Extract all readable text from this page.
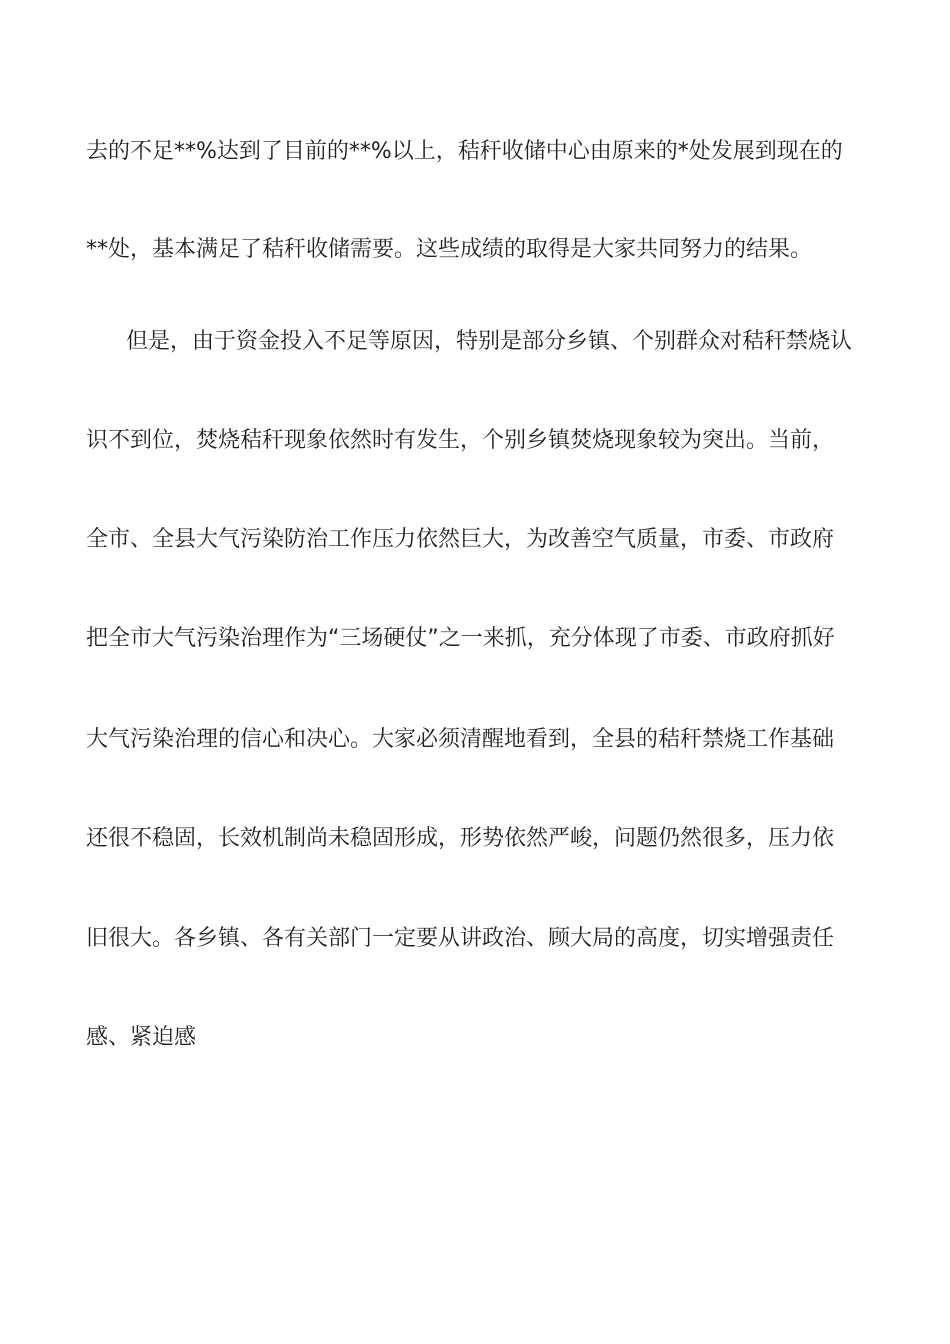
去的不足**%达到了目前的**%以上，秸秆收储中心由原来的*处发展到现在的
**处，基本满足了秸秆收储需要。这些成绩的取得是大家共同努力的结果。
但是，由于资金投入不足等原因，特别是部分乡镇、个别群众对秸秆禁烧认
识不到位，焚烧秸秆现象依然时有发生，个别乡镇焚烧现象较为突出。当前，
全市、全县大气污染防治工作压力依然巨大，为改善空气质量，市委、市政府
把全市大气污染治理作为“三场硬仗”之一来抓，充分体现了市委、市政府抓好
大气污染治理的信心和决心。大家必须清醒地看到，全县的秸秆禁烧工作基础
还很不稳固，长效机制尚未稳固形成，形势依然严峻，问题仍然很多，压力依
旧很大。各乡镇、各有关部门一定要从讲政治、顾大局的高度，切实增强责任
感、紧迫感
